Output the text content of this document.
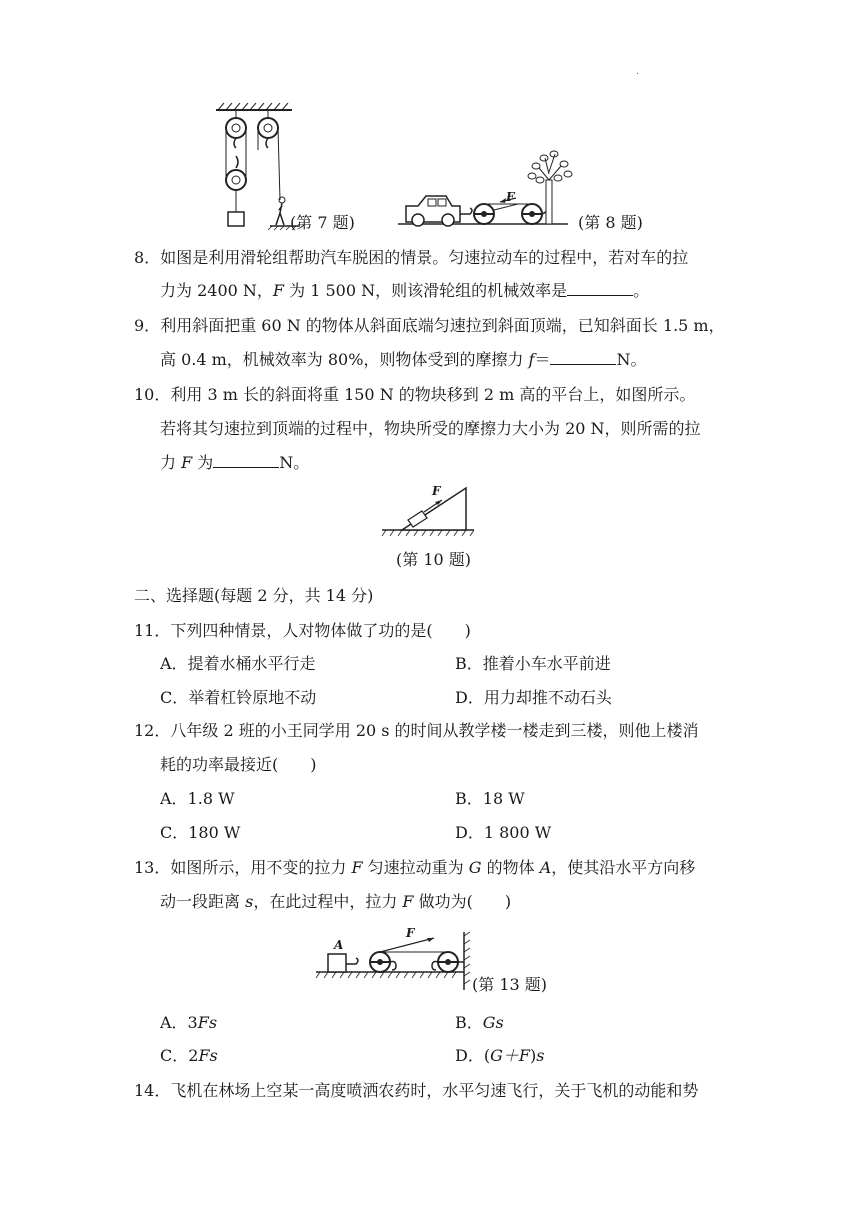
·
(第 7 题)
F
(第 8 题)
8．如图是利用滑轮组帮助汽车脱困的情景。匀速拉动车的过程中，若对车的拉
力为 2400 N，F 为 1 500 N，则该滑轮组的机械效率是	。
9．利用斜面把重 60 N 的物体从斜面底端匀速拉到斜面顶端，已知斜面长 1.5 m，
高 0.4 m，机械效率为 80%，则物体受到的摩擦力 f＝	N。
10．利用 3 m 长的斜面将重 150 N 的物块移到 2 m 高的平台上，如图所示。
若将其匀速拉到顶端的过程中，物块所受的摩擦力大小为 20 N，则所需的拉
力 F 为	N。
F
(第 10 题)
二、选择题(每题 2 分，共 14 分)
11．下列四种情景，人对物体做了功的是(　　)
A．提着水桶水平行走	B．推着小车水平前进
C．举着杠铃原地不动	D．用力却推不动石头
12．八年级 2 班的小王同学用 20 s 的时间从教学楼一楼走到三楼，则他上楼消
耗的功率最接近(　　)
A．1.8 W	B．18 W
C．180 W	D．1 800 W
13．如图所示，用不变的拉力 F 匀速拉动重为 G 的物体 A，使其沿水平方向移
动一段距离 s，在此过程中，拉力 F 做功为(　　)
A
F
(第 13 题)
A．3Fs	B．Gs
C．2Fs	D．(G＋F)s
14．飞机在林场上空某一高度喷洒农药时，水平匀速飞行，关于飞机的动能和势
